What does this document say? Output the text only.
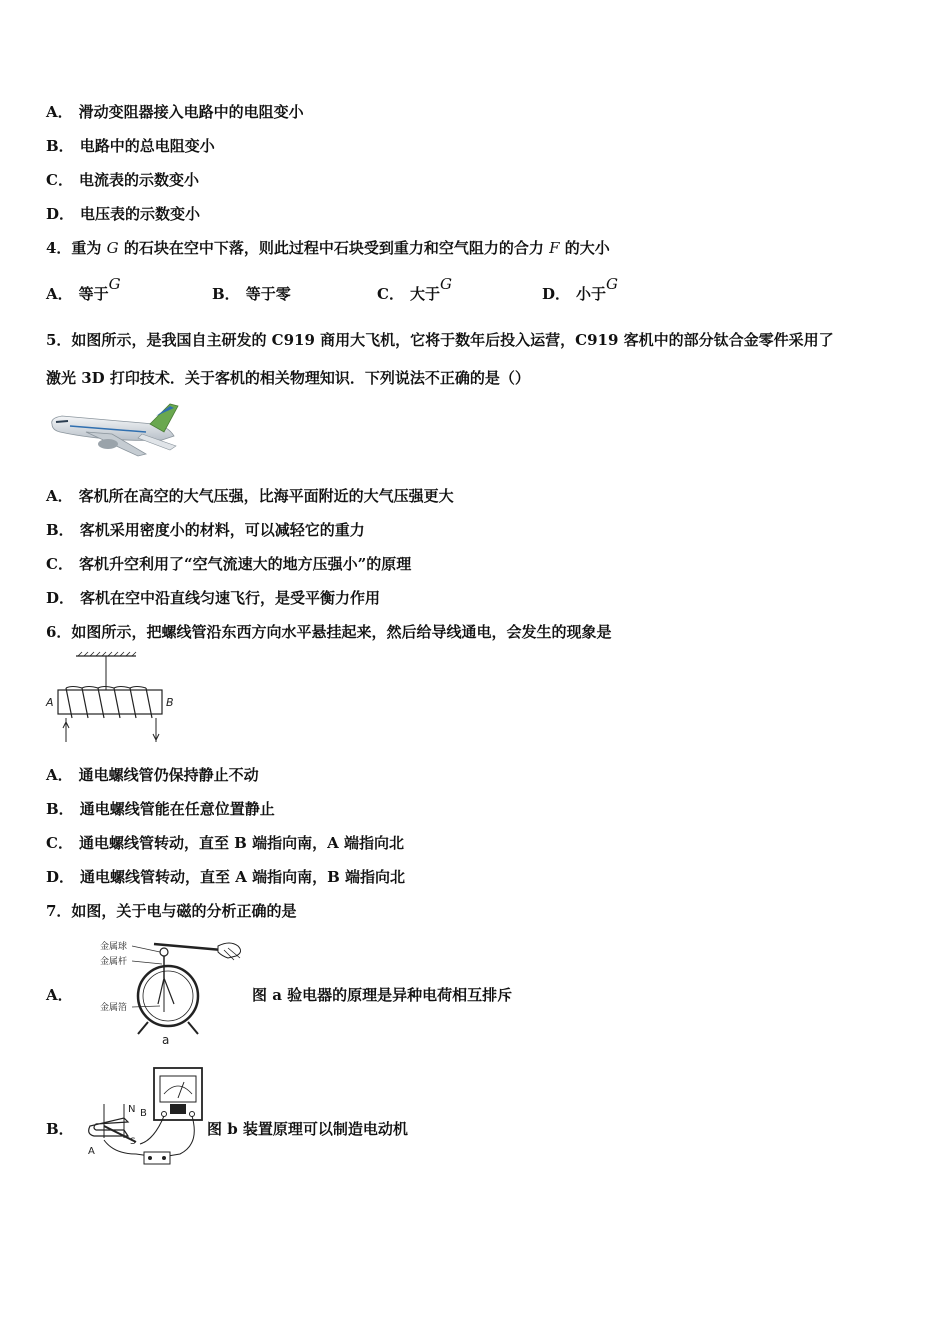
A． 滑动变阻器接入电路中的电阻变小
B． 电路中的总电阻变小
C． 电流表的示数变小
D． 电压表的示数变小
4．重为 G 的石块在空中下落，则此过程中石块受到重力和空气阻力的合力 F 的大小
A． 等于G
B． 等于零	C． 大于G
D． 小于G
5．如图所示，是我国自主研发的 C919 商用大飞机，它将于数年后投入运营，C919 客机中的部分钛合金零件采用了
激光 3D 打印技术．关于客机的相关物理知识．下列说法不正确的是（）
A． 客机所在高空的大气压强，比海平面附近的大气压强更大
B． 客机采用密度小的材料，可以减轻它的重力
C． 客机升空利用了“空气流速大的地方压强小”的原理
D． 客机在空中沿直线匀速飞行，是受平衡力作用
6．如图所示，把螺线管沿东西方向水平悬挂起来，然后给导线通电，会发生的现象是
A	B
A． 通电螺线管仍保持静止不动
B． 通电螺线管能在任意位置静止
C． 通电螺线管转动，直至 B 端指向南，A 端指向北
D． 通电螺线管转动，直至 A 端指向南，B 端指向北
7．如图，关于电与磁的分析正确的是
A．
金属球
金属杆
金属箔
a
图 a 验电器的原理是异种电荷相互排斥
B．
N B
S
A
图 b 装置原理可以制造电动机
